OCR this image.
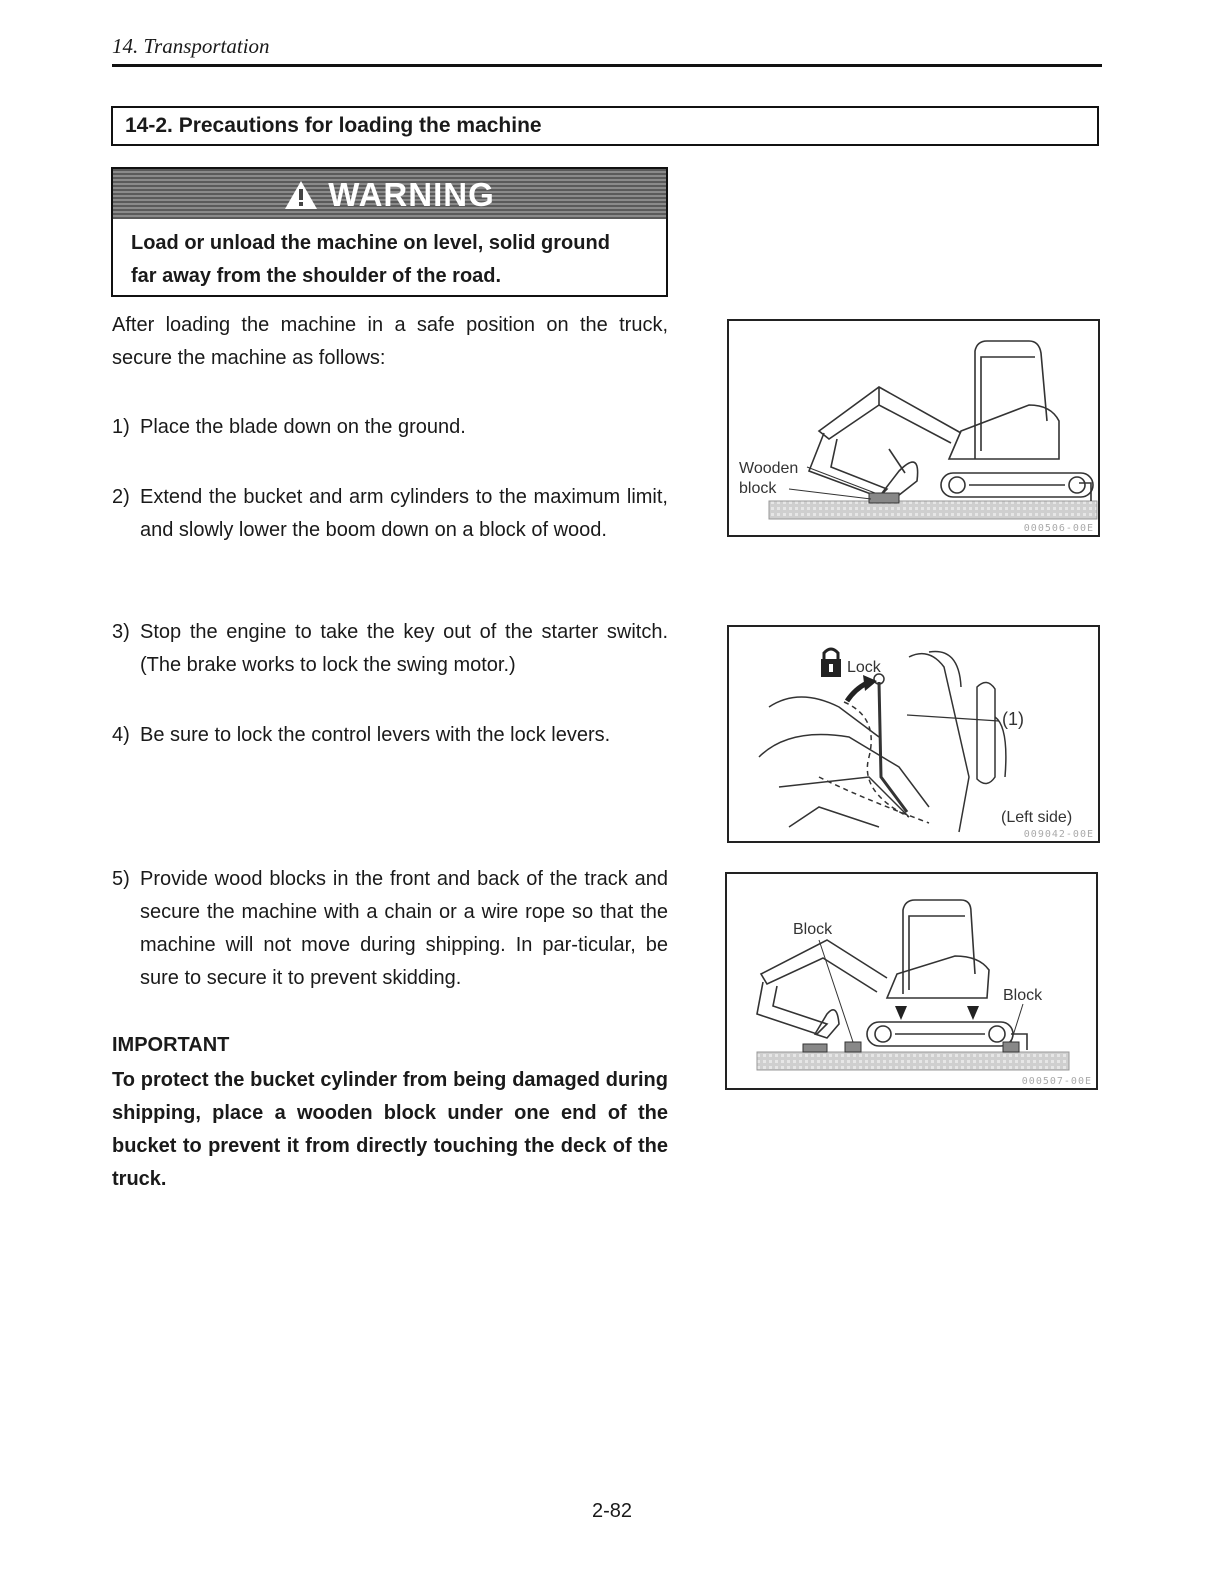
14. Transportation
14-2. Precautions for loading the machine
WARNING
Load or unload the machine on level, solid ground
far away from the shoulder of the road.
After loading the machine in a safe position on the truck, secure the machine as follows:
1) Place the blade down on the ground.
2) Extend the bucket and arm cylinders to the maximum limit, and slowly lower the boom down on a block of wood.
3) Stop the engine to take the key out of the starter switch. (The brake works to lock the swing motor.)
4) Be sure to lock the control levers with the lock levers.
5) Provide wood blocks in the front and back of the track and secure the machine with a chain or a wire rope so that the machine will not move during shipping. In par-ticular, be sure to secure it to prevent skidding.
IMPORTANT
To protect the bucket cylinder from being damaged during shipping, place a wooden block under one end of the bucket to prevent it from directly touching the deck of the truck.
Wooden
block
000506-00E
Lock
(1)
(Left side)
009042-00E
Block
Block
000507-00E
2-82
